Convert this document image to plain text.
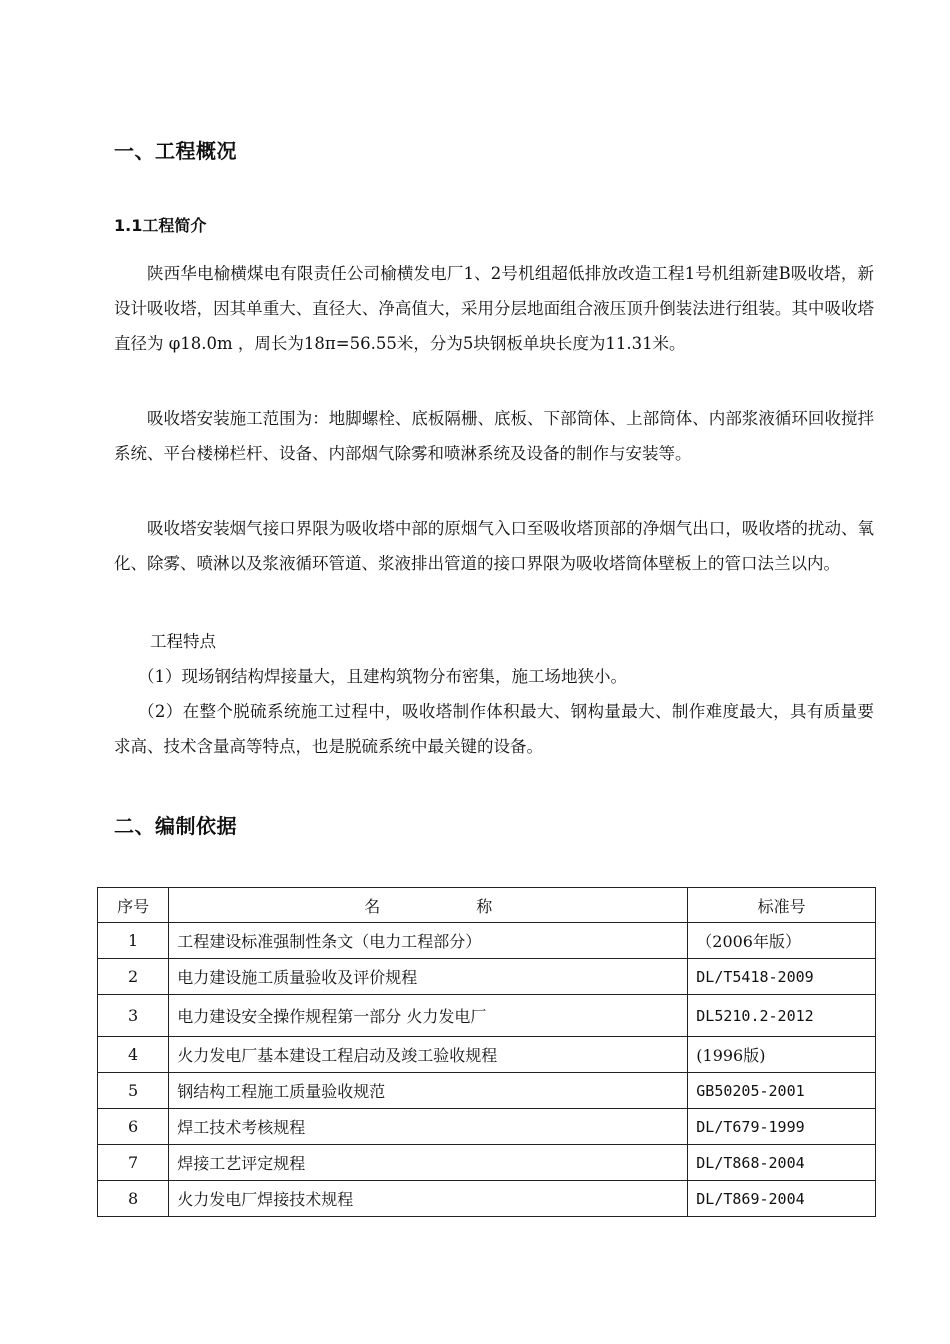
一、工程概况
1.1工程简介

陕西华电榆横煤电有限责任公司榆横发电厂1、2号机组超低排放改造工程1号机组新建B吸收塔，新设计吸收塔，因其单重大、直径大、净高值大，采用分层地面组合液压顶升倒装法进行组装。其中吸收塔直径为 φ18.0m ，周长为18π=56.55米，分为5块钢板单块长度为11.31米。

吸收塔安装施工范围为：地脚螺栓、底板隔栅、底板、下部筒体、上部筒体、内部浆液循环回收搅拌系统、平台楼梯栏杆、设备、内部烟气除雾和喷淋系统及设备的制作与安装等。

吸收塔安装烟气接口界限为吸收塔中部的原烟气入口至吸收塔顶部的净烟气出口，吸收塔的扰动、氧化、除雾、喷淋以及浆液循环管道、浆液排出管道的接口界限为吸收塔筒体壁板上的管口法兰以内。

工程特点

（1）现场钢结构焊接量大，且建构筑物分布密集，施工场地狭小。

（2）在整个脱硫系统施工过程中，吸收塔制作体积最大、钢构量最大、制作难度最大，具有质量要求高、技术含量高等特点，也是脱硫系统中最关键的设备。

二、编制依据
序号	名 称	标准号
1	工程建设标准强制性条文（电力工程部分）	（2006年版）
2	电力建设施工质量验收及评价规程	DL/T5418-2009
3	电力建设安全操作规程第一部分 火力发电厂	DL5210.2-2012
4	火力发电厂基本建设工程启动及竣工验收规程	(1996版)
5	钢结构工程施工质量验收规范	GB50205-2001
6	焊工技术考核规程	DL/T679-1999
7	焊接工艺评定规程	DL/T868-2004
8	火力发电厂焊接技术规程	DL/T869-2004
